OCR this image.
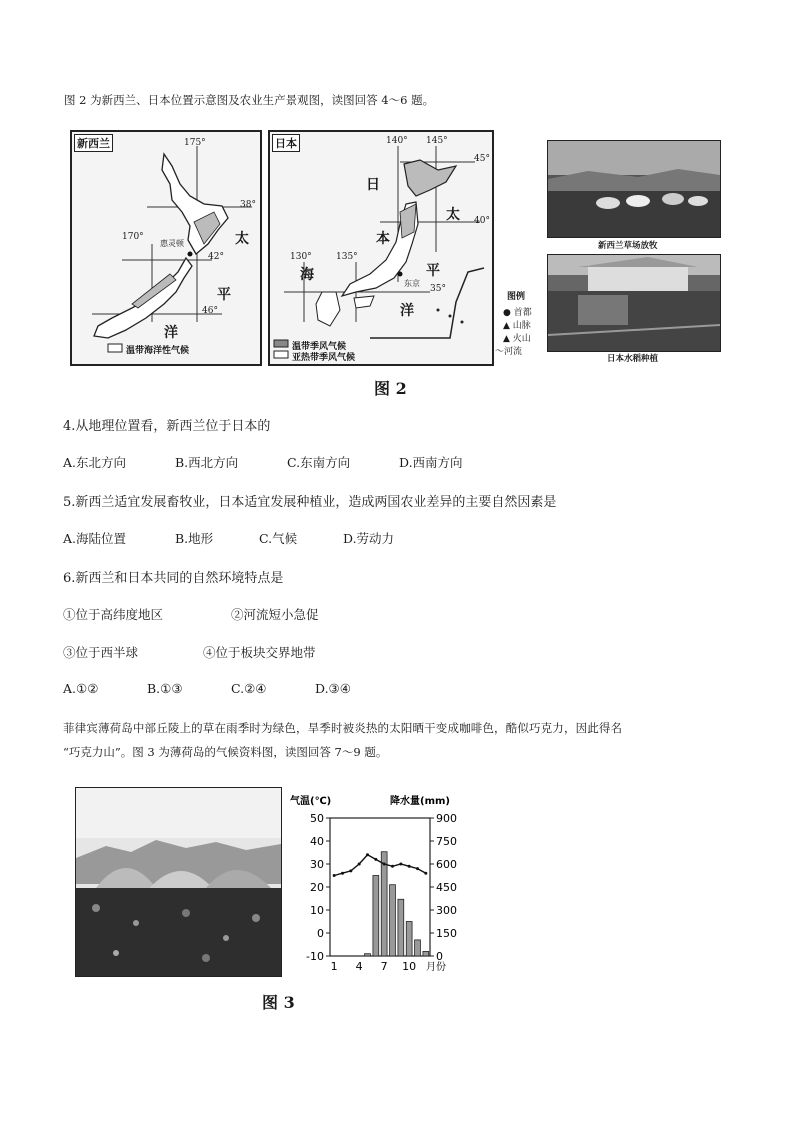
图 2 为新西兰、日本位置示意图及农业生产景观图，读图回答 4～6 题。
新西兰	175°
170°
38°
42°
46°
惠灵顿	太
平
洋
温带海洋性气候
日本	140° 145°
45°
40°
35°
130°	135°
日
本
海
太
平
洋
东京
温带季风气候
亚热带季风气候
新西兰草场放牧
日本水稻种植
图例
● 首都
▲ 山脉
▲ 火山
〜河流
图 2
4.从地理位置看，新西兰位于日本的
A.东北方向	B.西北方向	C.东南方向	D.西南方向
5.新西兰适宜发展畜牧业，日本适宜发展种植业，造成两国农业差异的主要自然因素是
A.海陆位置	B.地形	C.气候	D.劳动力
6.新西兰和日本共同的自然环境特点是
①位于高纬度地区	②河流短小急促
③位于西半球	④位于板块交界地带
A.①②	B.①③	C.②④	D.③④
菲律宾薄荷岛中部丘陵上的草在雨季时为绿色，旱季时被炎热的太阳晒干变成咖啡色，酷似巧克力，因此得名
“巧克力山”。图 3 为薄荷岛的气候资料图，读图回答 7～9 题。
气温(℃)	降水量(mm)
-10
0
10
20
30
40
50
0
150
300
450
600
750
900
1 4 7 10 月份
图 3
